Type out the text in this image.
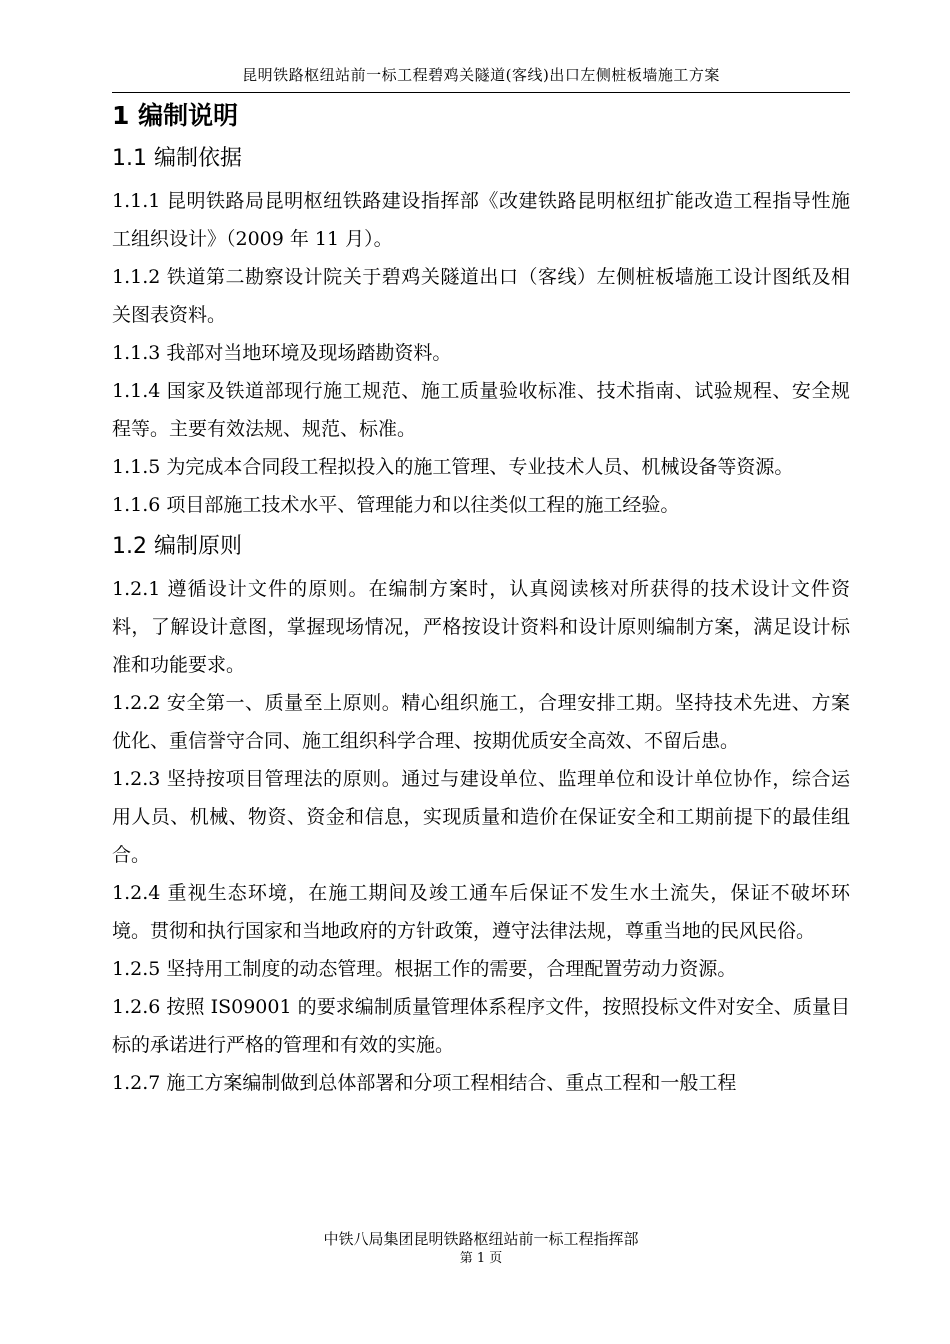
昆明铁路枢纽站前一标工程碧鸡关隧道(客线)出口左侧桩板墙施工方案
1 编制说明
1.1 编制依据

1.1.1 昆明铁路局昆明枢纽铁路建设指挥部《改建铁路昆明枢纽扩能改造工程指导性施工组织设计》（2009 年 11 月）。

1.1.2 铁道第二勘察设计院关于碧鸡关隧道出口（客线）左侧桩板墙施工设计图纸及相关图表资料。

1.1.3 我部对当地环境及现场踏勘资料。

1.1.4 国家及铁道部现行施工规范、施工质量验收标准、技术指南、试验规程、安全规程等。主要有效法规、规范、标准。

1.1.5 为完成本合同段工程拟投入的施工管理、专业技术人员、机械设备等资源。

1.1.6 项目部施工技术水平、管理能力和以往类似工程的施工经验。

1.2 编制原则

1.2.1 遵循设计文件的原则。在编制方案时，认真阅读核对所获得的技术设计文件资料，了解设计意图，掌握现场情况，严格按设计资料和设计原则编制方案，满足设计标准和功能要求。

1.2.2 安全第一、质量至上原则。精心组织施工，合理安排工期。坚持技术先进、方案优化、重信誉守合同、施工组织科学合理、按期优质安全高效、不留后患。

1.2.3 坚持按项目管理法的原则。通过与建设单位、监理单位和设计单位协作，综合运用人员、机械、物资、资金和信息，实现质量和造价在保证安全和工期前提下的最佳组合。

1.2.4 重视生态环境，在施工期间及竣工通车后保证不发生水土流失，保证不破坏环境。贯彻和执行国家和当地政府的方针政策，遵守法律法规，尊重当地的民风民俗。

1.2.5 坚持用工制度的动态管理。根据工作的需要，合理配置劳动力资源。

1.2.6 按照 IS09001 的要求编制质量管理体系程序文件，按照投标文件对安全、质量目标的承诺进行严格的管理和有效的实施。

1.2.7 施工方案编制做到总体部署和分项工程相结合、重点工程和一般工程

中铁八局集团昆明铁路枢纽站前一标工程指挥部
第 1 页
